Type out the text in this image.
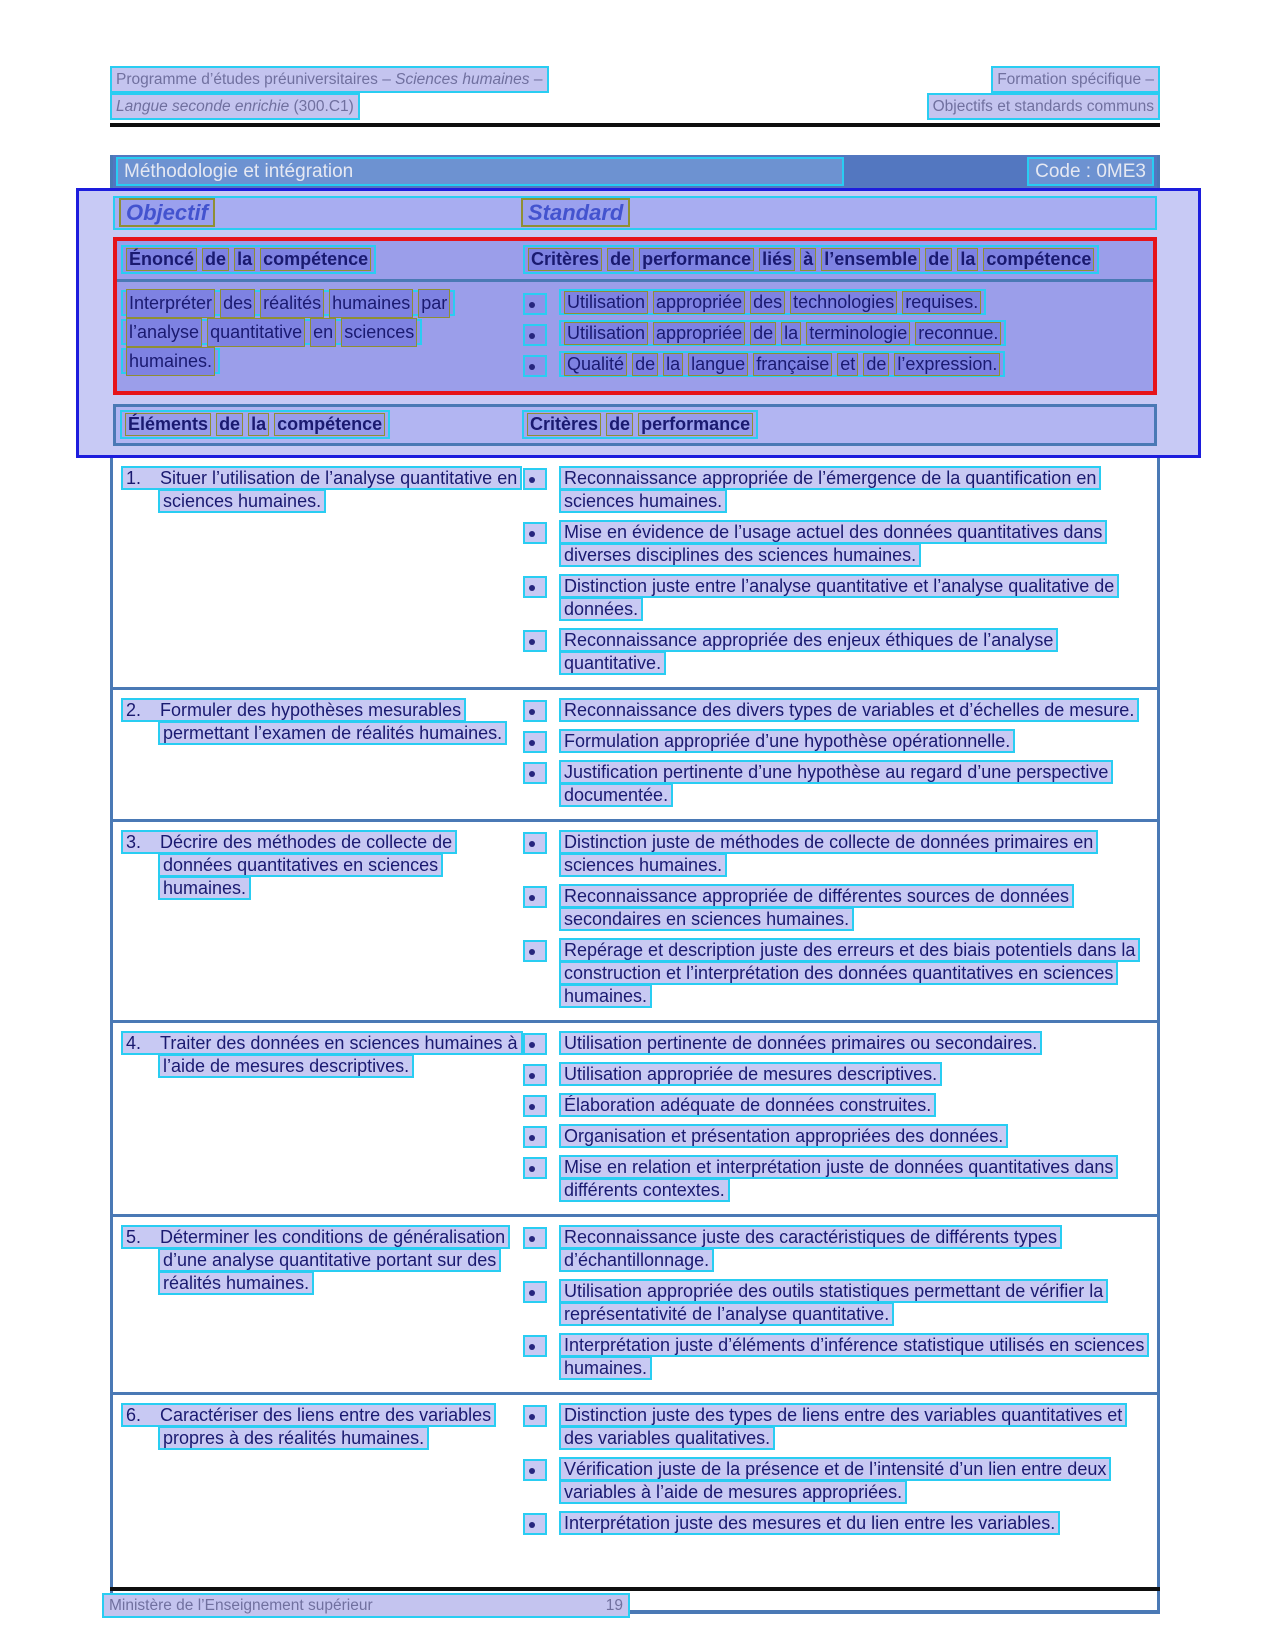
Programme d’études préuniversitaires – Sciences humaines –	Formation spécifique –
Langue seconde enrichie (300.C1)	Objectifs et standards communs
Méthodologie et intégration	Code : 0ME3
Objectif	Standard
Énoncé de la compétence	Critères de performance liés à l’ensemble de la compétence
Interpréter des réalités humaines par l’analyse quantitative en sciences humaines.
Utilisation appropriée des technologies requises.
Utilisation appropriée de la terminologie reconnue.
Qualité de la langue française et de l’expression.
Éléments de la compétence	Critères de performance
1. Situer l’utilisation de l’analyse quantitative en sciences humaines.
Reconnaissance appropriée de l’émergence de la quantification en sciences humaines.
Mise en évidence de l’usage actuel des données quantitatives dans diverses disciplines des sciences humaines.
Distinction juste entre l’analyse quantitative et l’analyse qualitative de données.
Reconnaissance appropriée des enjeux éthiques de l’analyse quantitative.
2. Formuler des hypothèses mesurables permettant l’examen de réalités humaines.
Reconnaissance des divers types de variables et d’échelles de mesure.
Formulation appropriée d’une hypothèse opérationnelle.
Justification pertinente d’une hypothèse au regard d’une perspective documentée.
3. Décrire des méthodes de collecte de données quantitatives en sciences humaines.
Distinction juste de méthodes de collecte de données primaires en sciences humaines.
Reconnaissance appropriée de différentes sources de données secondaires en sciences humaines.
Repérage et description juste des erreurs et des biais potentiels dans la construction et l’interprétation des données quantitatives en sciences humaines.
4. Traiter des données en sciences humaines à l’aide de mesures descriptives.
Utilisation pertinente de données primaires ou secondaires.
Utilisation appropriée de mesures descriptives.
Élaboration adéquate de données construites.
Organisation et présentation appropriées des données.
Mise en relation et interprétation juste de données quantitatives dans différents contextes.
5. Déterminer les conditions de généralisation d’une analyse quantitative portant sur des réalités humaines.
Reconnaissance juste des caractéristiques de différents types d’échantillonnage.
Utilisation appropriée des outils statistiques permettant de vérifier la représentativité de l’analyse quantitative.
Interprétation juste d’éléments d’inférence statistique utilisés en sciences humaines.
6. Caractériser des liens entre des variables propres à des réalités humaines.
Distinction juste des types de liens entre des variables quantitatives et des variables qualitatives.
Vérification juste de la présence et de l’intensité d’un lien entre deux variables à l’aide de mesures appropriées.
Interprétation juste des mesures et du lien entre les variables.
Ministère de l’Enseignement supérieur	19
